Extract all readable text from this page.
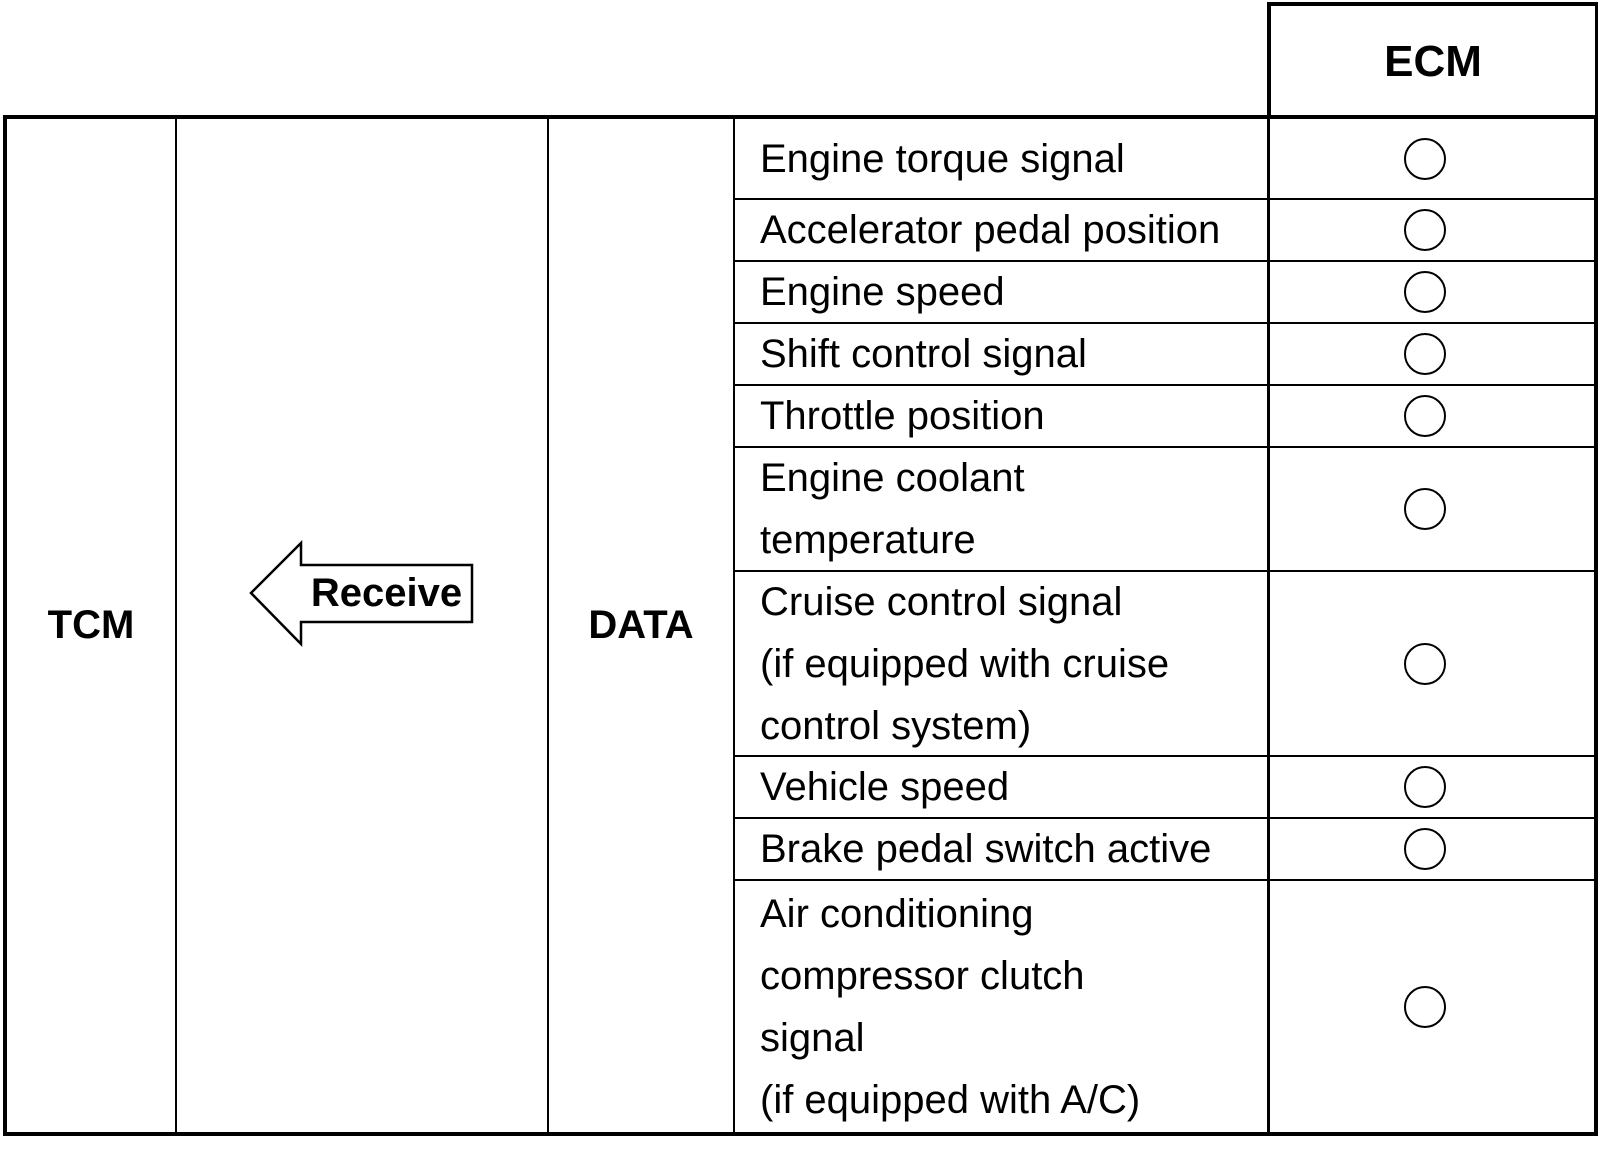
ECM
TCM
Receive
DATA
Engine torque signal
Accelerator pedal position
Engine speed
Shift control signal
Throttle position
Engine coolant
temperature
Cruise control signal
(if equipped with cruise
control system)
Vehicle speed
Brake pedal switch active
Air conditioning
compressor clutch
signal
(if equipped with A/C)
